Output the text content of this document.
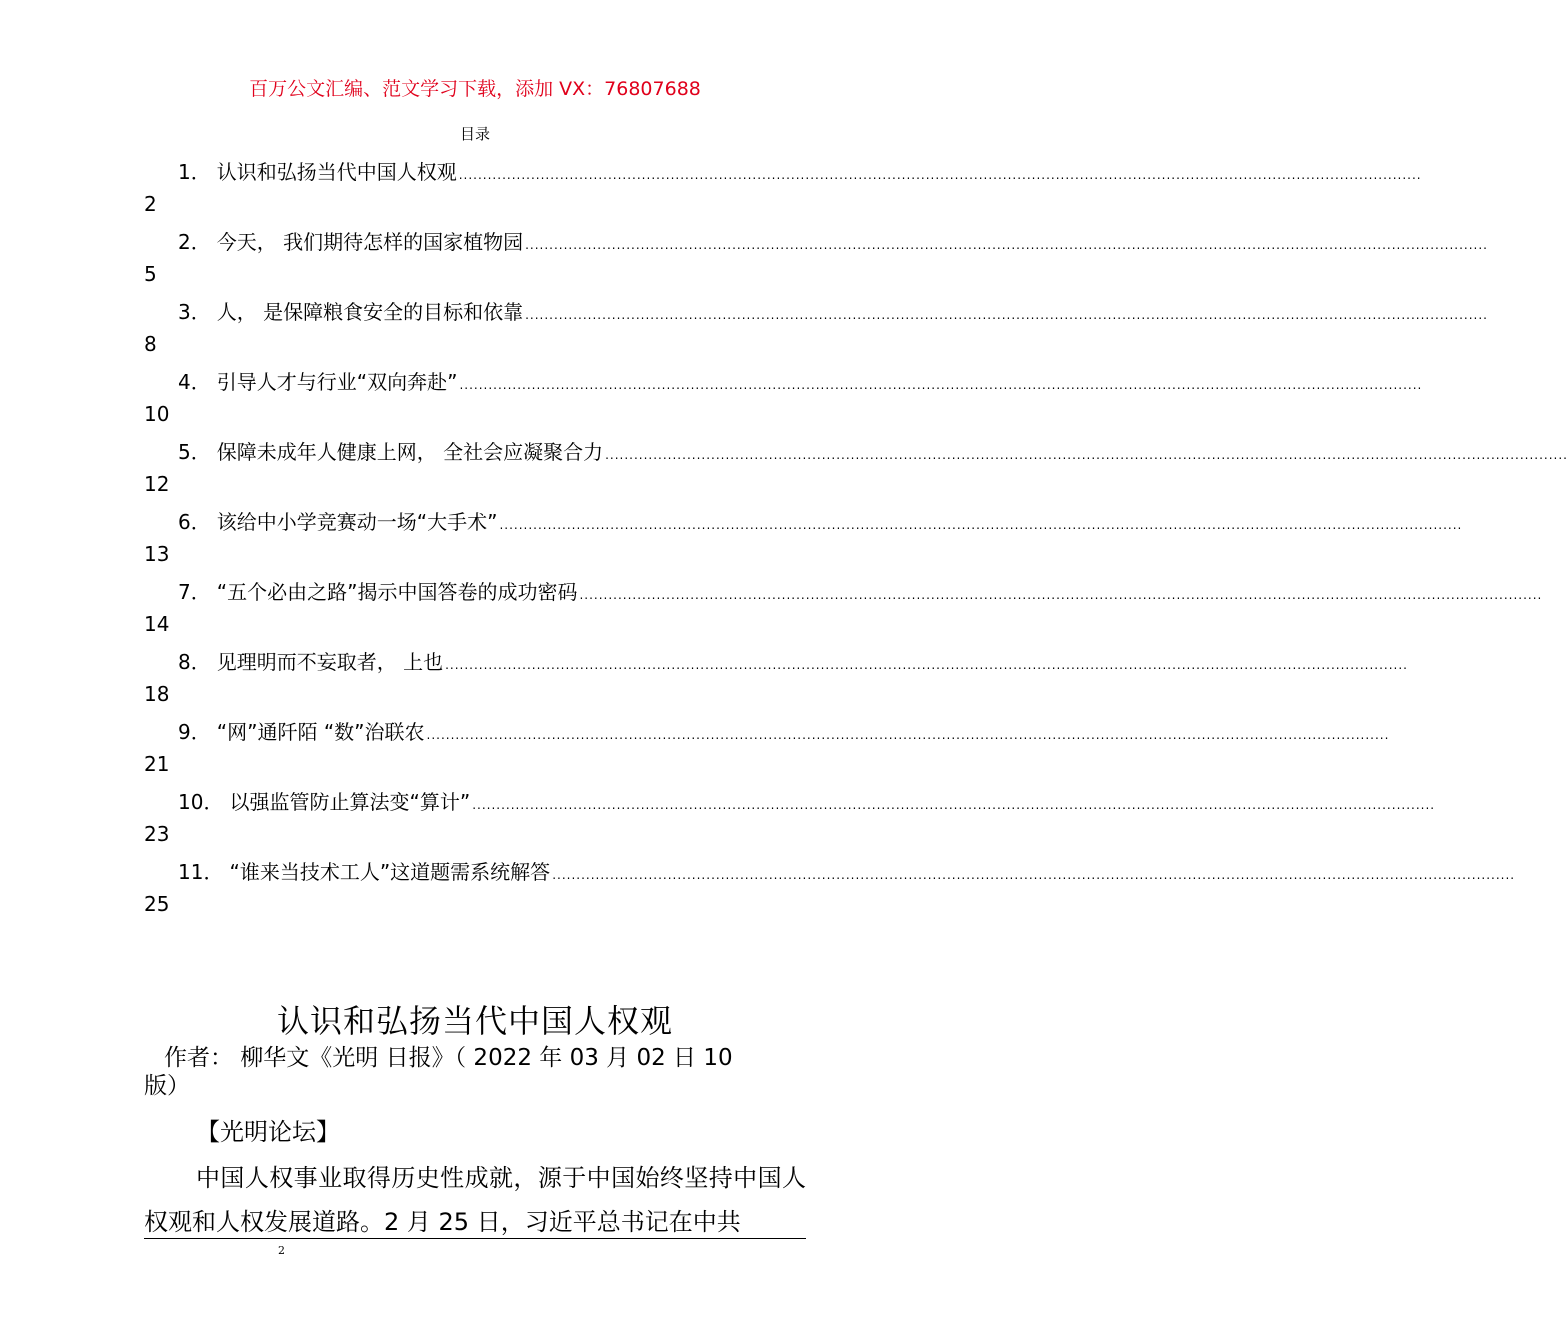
百万公文汇编、范文学习下载，添加 VX：76807688
目录
1． 认识和弘扬当代中国人权观 ........................................................................................................................................................................................................
2
2． 今天， 我们期待怎样的国家植物园 ........................................................................................................................................................................................................
5
3． 人， 是保障粮食安全的目标和依靠 ........................................................................................................................................................................................................
8
4． 引导人才与行业“双向奔赴” ........................................................................................................................................................................................................
10
5． 保障未成年人健康上网， 全社会应凝聚合力 ........................................................................................................................................................................................................
12
6． 该给中小学竞赛动一场“大手术” ........................................................................................................................................................................................................
13
7． “五个必由之路”揭示中国答卷的成功密码 ........................................................................................................................................................................................................
14
8． 见理明而不妄取者， 上也 ........................................................................................................................................................................................................
18
9． “网”通阡陌 “数”治联农 ........................................................................................................................................................................................................
21
10． 以强监管防止算法变“算计” ........................................................................................................................................................................................................
23
11． “谁来当技术工人”这道题需系统解答 ........................................................................................................................................................................................................
25
认识和弘扬当代中国人权观
作者： 柳华文《光明 日报》（ 2022 年 03 月 02 日 10
版）
【光明论坛】
中国人权事业取得历史性成就，源于中国始终坚持中国人权观和人权发展道路。2 月 25 日，习近平总书记在中共
2
